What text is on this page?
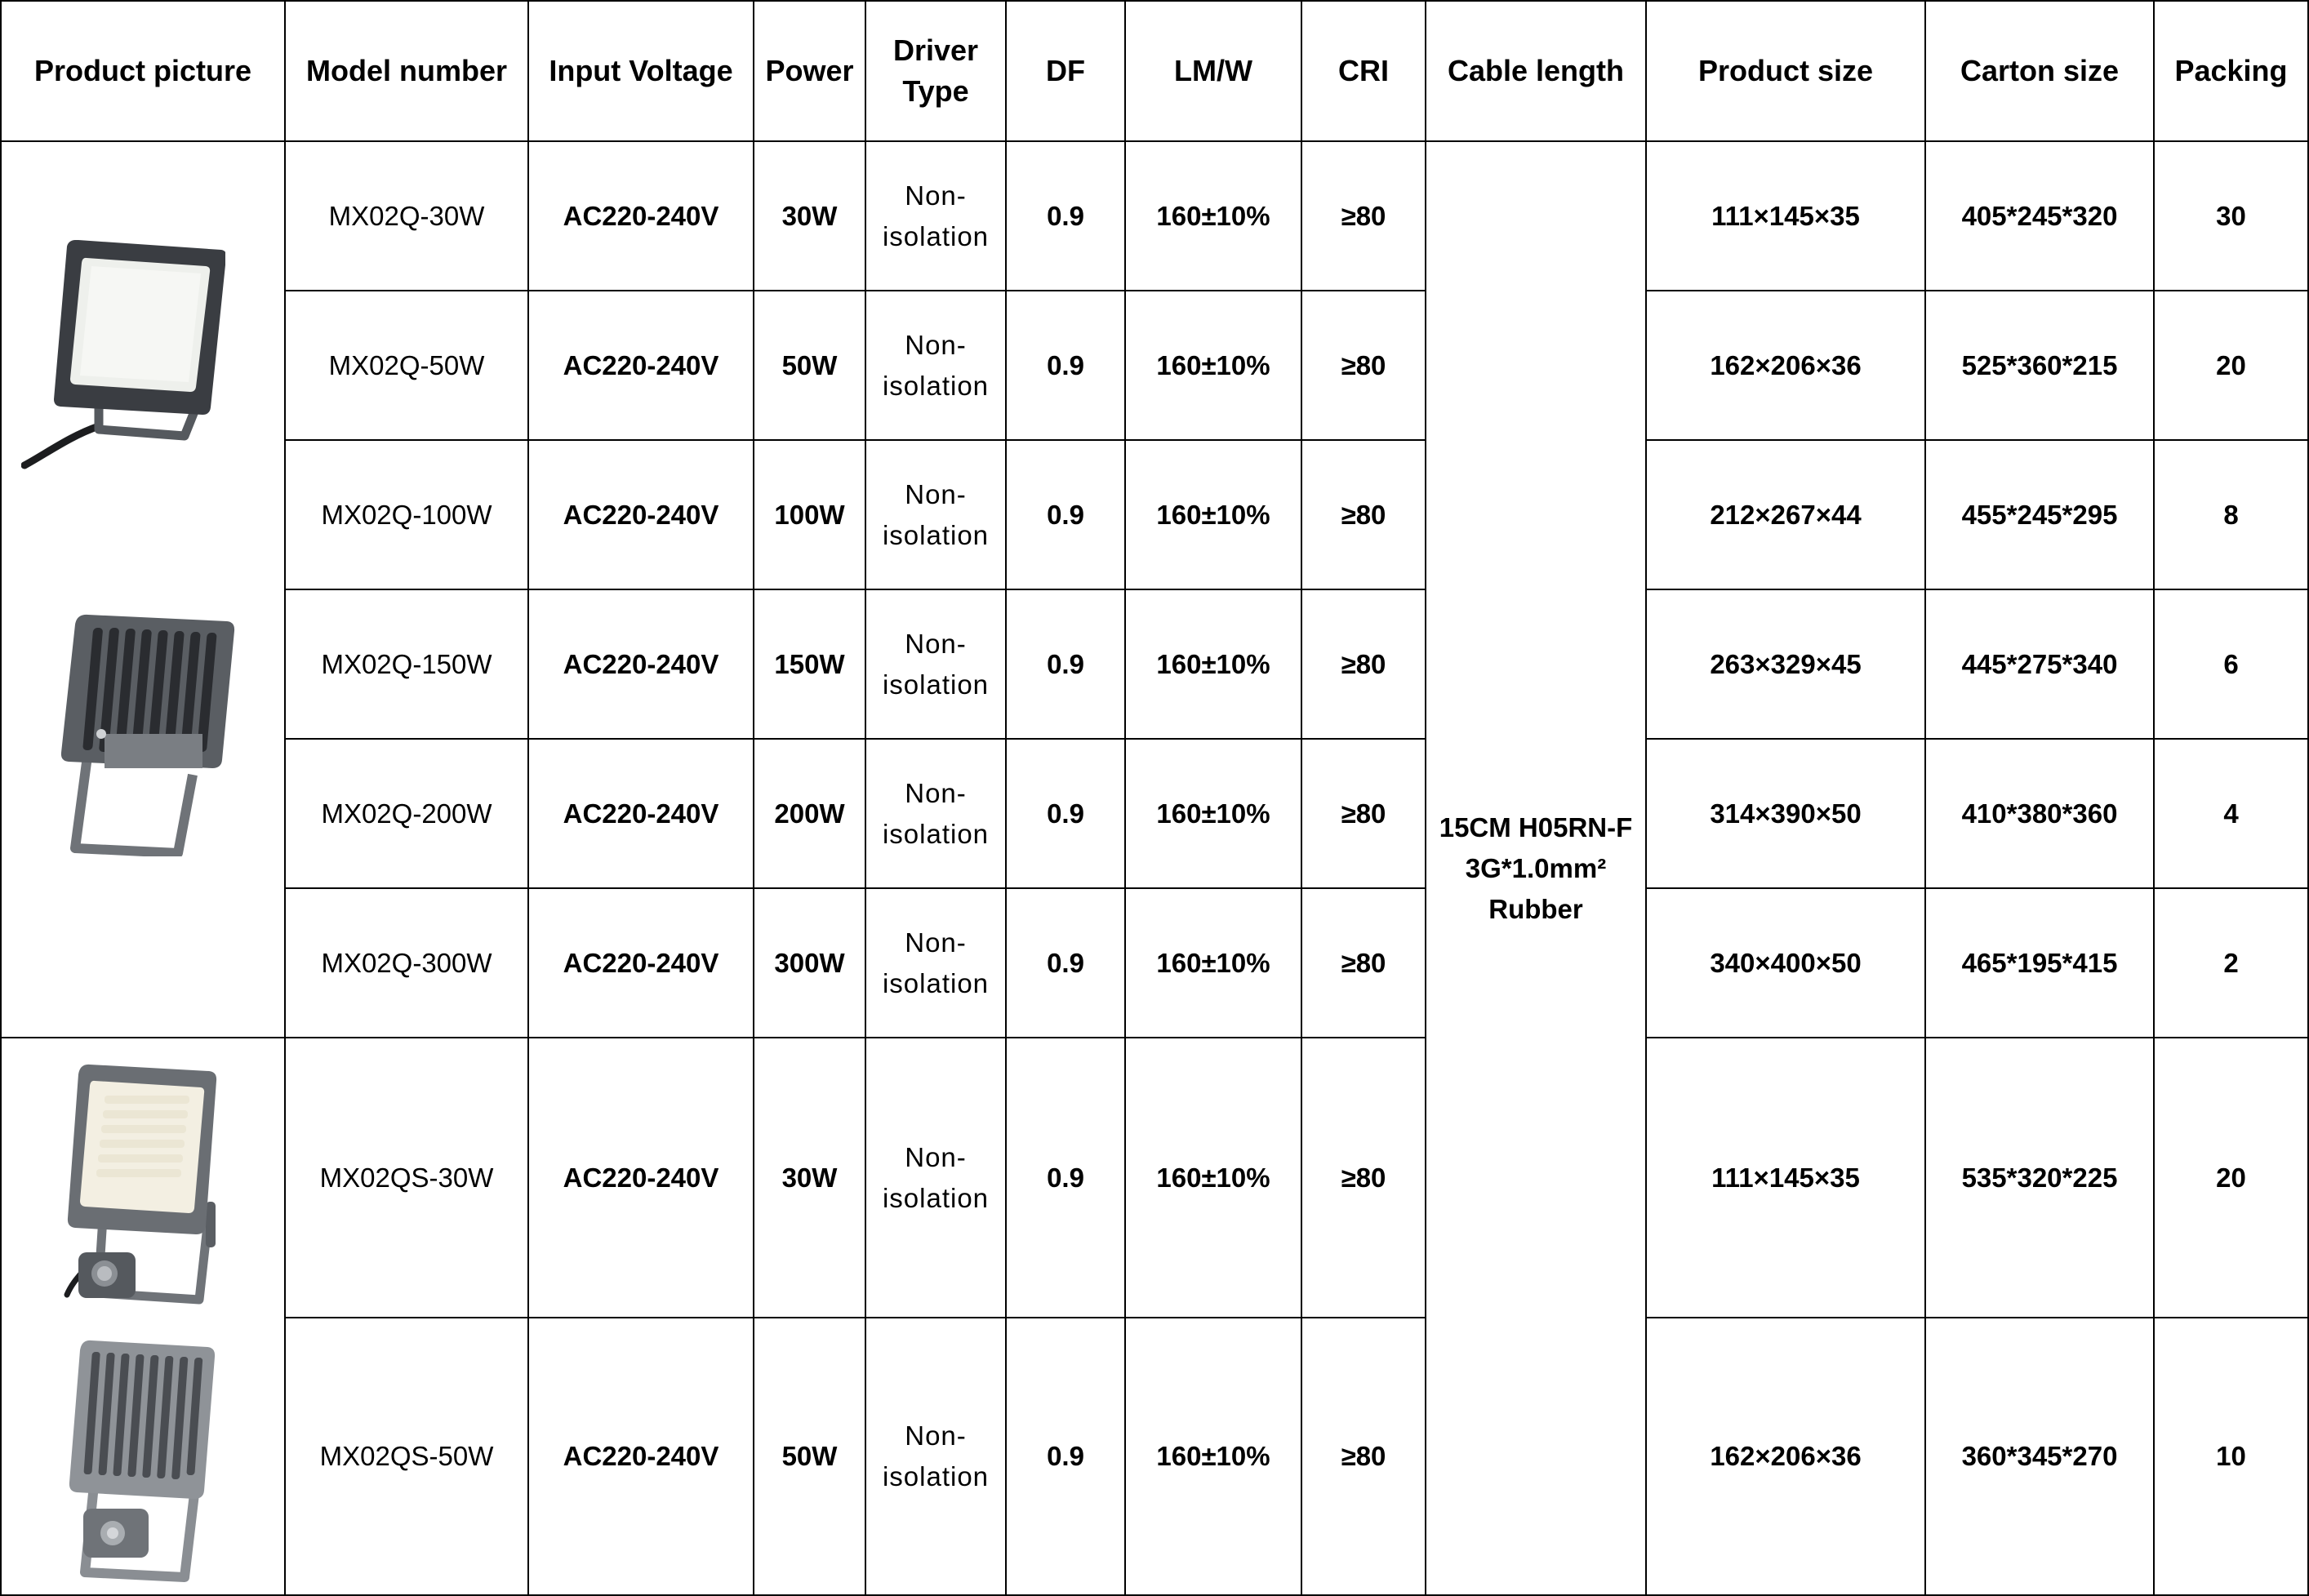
Product picture	Model number	Input Voltage	Power	Driver
Type	DF	LM/W	CRI	Cable length	Product size	Carton size	Packing

	MX02Q-30W	AC220-240V	30W	Non-
isolation	0.9	160±10%	≥80	15CM H05RN-F
3G*1.0mm²
Rubber	111×145×35	405*245*320	30
	MX02Q-50W	AC220-240V	50W	Non-
isolation	0.9	160±10%	≥80		162×206×36	525*360*215	20
	MX02Q-100W	AC220-240V	100W	Non-
isolation	0.9	160±10%	≥80		212×267×44	455*245*295	8
	MX02Q-150W	AC220-240V	150W	Non-
isolation	0.9	160±10%	≥80		263×329×45	445*275*340	6
	MX02Q-200W	AC220-240V	200W	Non-
isolation	0.9	160±10%	≥80		314×390×50	410*380*360	4
	MX02Q-300W	AC220-240V	300W	Non-
isolation	0.9	160±10%	≥80		340×400×50	465*195*415	2

	MX02QS-30W	AC220-240V	30W	Non-
isolation	0.9	160±10%	≥80		111×145×35	535*320*225	20
	MX02QS-50W	AC220-240V	50W	Non-
isolation	0.9	160±10%	≥80		162×206×36	360*345*270	10
